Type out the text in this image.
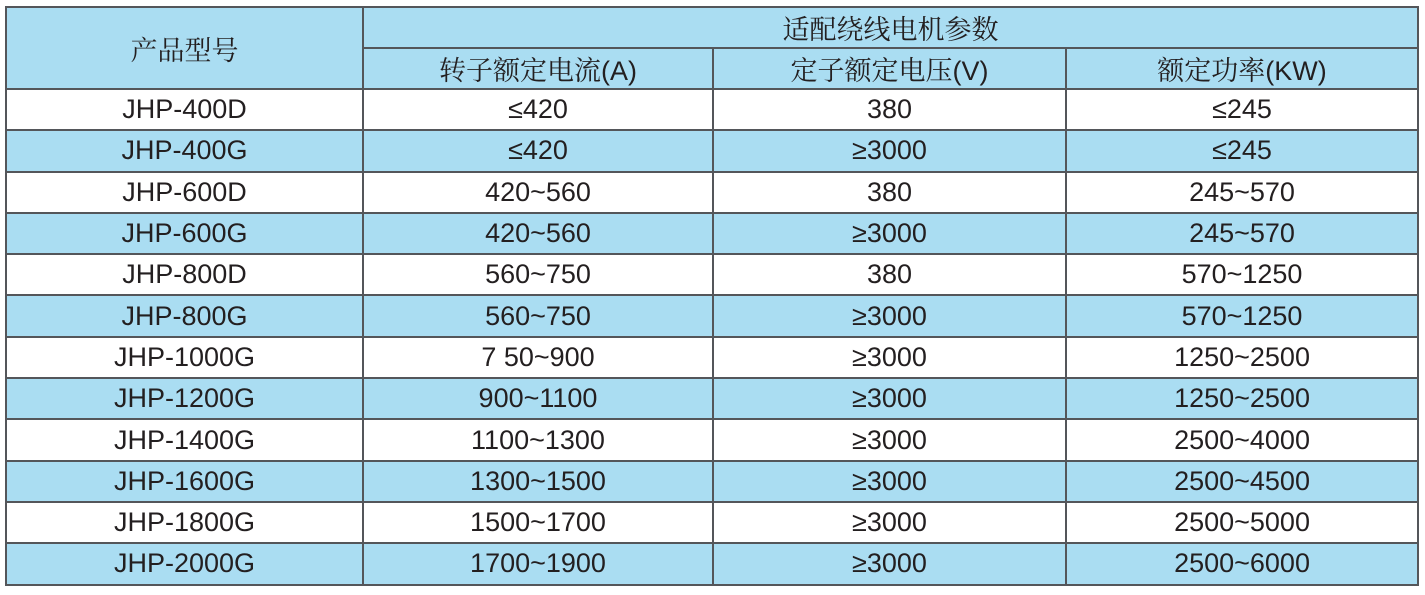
产品型号	适配绕线电机参数		
	转子额定电流(A)	定子额定电压(V)	额定功率(KW)
JHP-400D	≤420	380	≤245
JHP-400G	≤420	≥3000	≤245
JHP-600D	420~560	380	245~570
JHP-600G	420~560	≥3000	245~570
JHP-800D	560~750	380	570~1250
JHP-800G	560~750	≥3000	570~1250
JHP-1000G	7 50~900	≥3000	1250~2500
JHP-1200G	900~1100	≥3000	1250~2500
JHP-1400G	1100~1300	≥3000	2500~4000
JHP-1600G	1300~1500	≥3000	2500~4500
JHP-1800G	1500~1700	≥3000	2500~5000
JHP-2000G	1700~1900	≥3000	2500~6000
